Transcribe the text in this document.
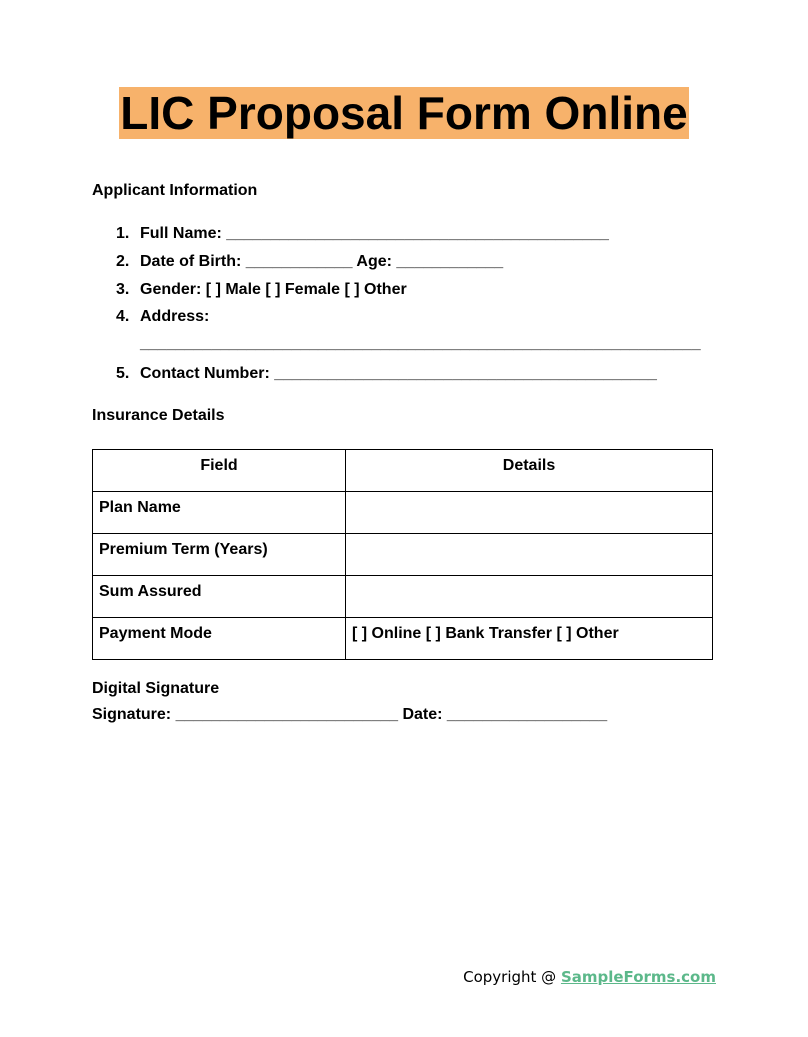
LIC Proposal Form Online
Applicant Information
1. Full Name: ___________________________________________
2. Date of Birth: ____________ Age: ____________
3. Gender: [ ] Male [ ] Female [ ] Other
4. Address:
_______________________________________________________________
5. Contact Number: ___________________________________________
Insurance Details
Field	Details
Plan Name	
Premium Term (Years)	
Sum Assured	
Payment Mode	[ ] Online [ ] Bank Transfer [ ] Other
Digital Signature
Signature: _________________________ Date: __________________
Copyright @ SampleForms.com
